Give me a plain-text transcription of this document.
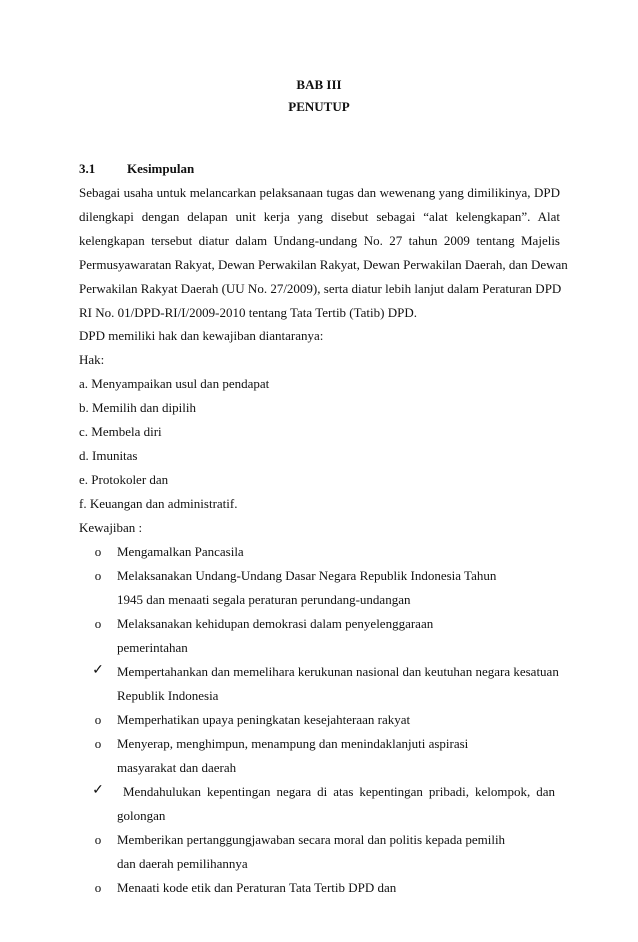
BAB III
PENUTUP
3.1 Kesimpulan
Sebagai usaha untuk melancarkan pelaksanaan tugas dan wewenang yang dimilikinya, DPD
dilengkapi dengan delapan unit kerja yang disebut sebagai “alat kelengkapan”. Alat
kelengkapan tersebut diatur dalam Undang-undang No. 27 tahun 2009 tentang Majelis
Permusyawaratan Rakyat, Dewan Perwakilan Rakyat, Dewan Perwakilan Daerah, dan Dewan
Perwakilan Rakyat Daerah (UU No. 27/2009), serta diatur lebih lanjut dalam Peraturan DPD
RI No. 01/DPD-RI/I/2009-2010 tentang Tata Tertib (Tatib) DPD.
DPD memiliki hak dan kewajiban diantaranya:
Hak:
a. Menyampaikan usul dan pendapat
b. Memilih dan dipilih
c. Membela diri
d. Imunitas
e. Protokoler dan
f. Keuangan dan administratif.
Kewajiban :
o Mengamalkan Pancasila
o Melaksanakan Undang-Undang Dasar Negara Republik Indonesia Tahun
1945 dan menaati segala peraturan perundang-undangan
o Melaksanakan kehidupan demokrasi dalam penyelenggaraan
pemerintahan
✓ Mempertahankan dan memelihara kerukunan nasional dan keutuhan negara kesatuan
Republik Indonesia
o Memperhatikan upaya peningkatan kesejahteraan rakyat
o Menyerap, menghimpun, menampung dan menindaklanjuti aspirasi
masyarakat dan daerah
✓ Mendahulukan kepentingan negara di atas kepentingan pribadi, kelompok, dan
golongan
o Memberikan pertanggungjawaban secara moral dan politis kepada pemilih
dan daerah pemilihannya
o Menaati kode etik dan Peraturan Tata Tertib DPD dan
